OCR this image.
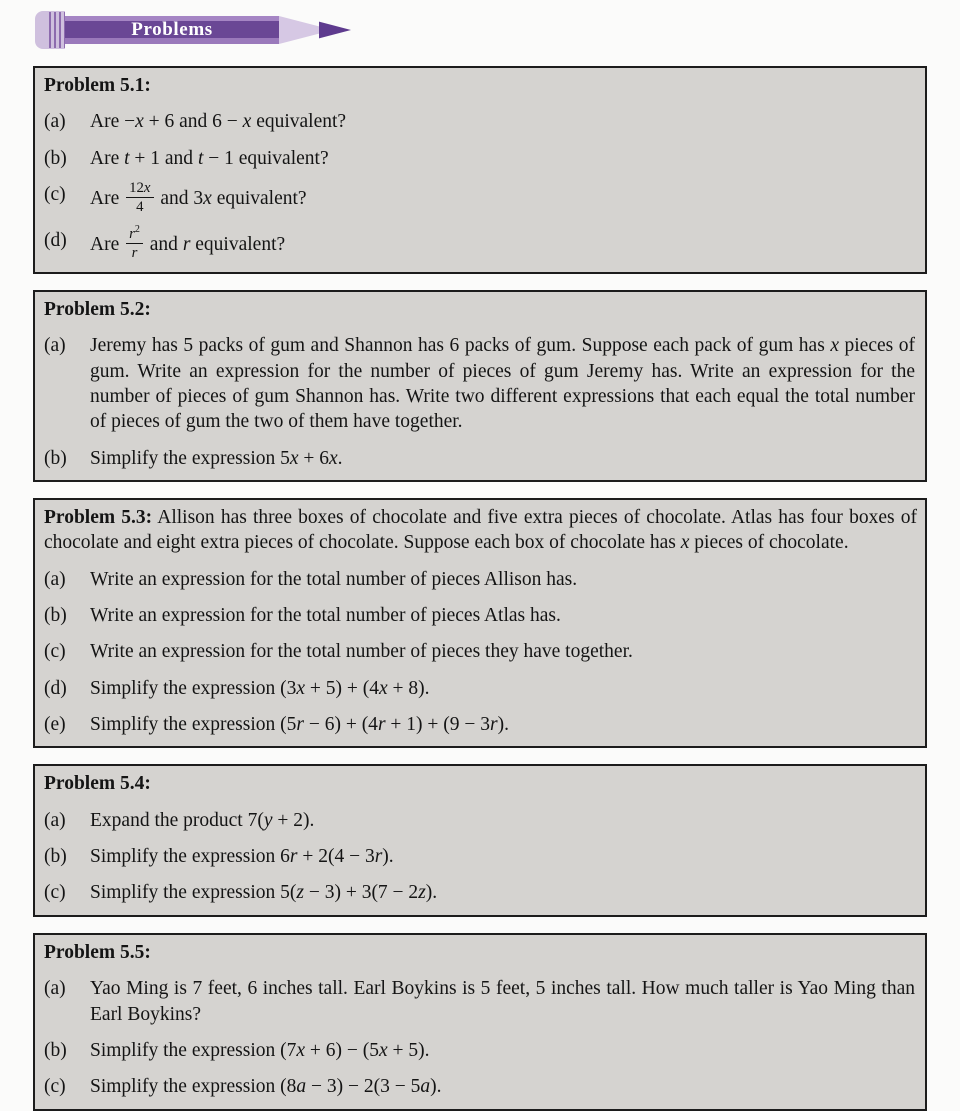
Problems

Problem 5.1:

(a)	Are −x + 6 and 6 − x equivalent?
(b)	Are t + 1 and t − 1 equivalent?
(c)	Are $\frac{12x}{4}$ and 3x equivalent?
(d)	Are $\frac{r^2}{r}$ and r equivalent?

Problem 5.2:

(a)	Jeremy has 5 packs of gum and Shannon has 6 packs of gum. Suppose each pack of gum has x pieces of gum. Write an expression for the number of pieces of gum Jeremy has. Write an expression for the number of pieces of gum Shannon has. Write two different expressions that each equal the total number of pieces of gum the two of them have together.
(b)	Simplify the expression 5x + 6x.

Problem 5.3: Allison has three boxes of chocolate and five extra pieces of chocolate. Atlas has four boxes of chocolate and eight extra pieces of chocolate. Suppose each box of chocolate has x pieces of chocolate.

(a)	Write an expression for the total number of pieces Allison has.
(b)	Write an expression for the total number of pieces Atlas has.
(c)	Write an expression for the total number of pieces they have together.
(d)	Simplify the expression (3x + 5) + (4x + 8).
(e)	Simplify the expression (5r − 6) + (4r + 1) + (9 − 3r).

Problem 5.4:

(a)	Expand the product 7(y + 2).
(b)	Simplify the expression 6r + 2(4 − 3r).
(c)	Simplify the expression 5(z − 3) + 3(7 − 2z).

Problem 5.5:

(a)	Yao Ming is 7 feet, 6 inches tall. Earl Boykins is 5 feet, 5 inches tall. How much taller is Yao Ming than Earl Boykins?
(b)	Simplify the expression (7x + 6) − (5x + 5).
(c)	Simplify the expression (8a − 3) − 2(3 − 5a).
